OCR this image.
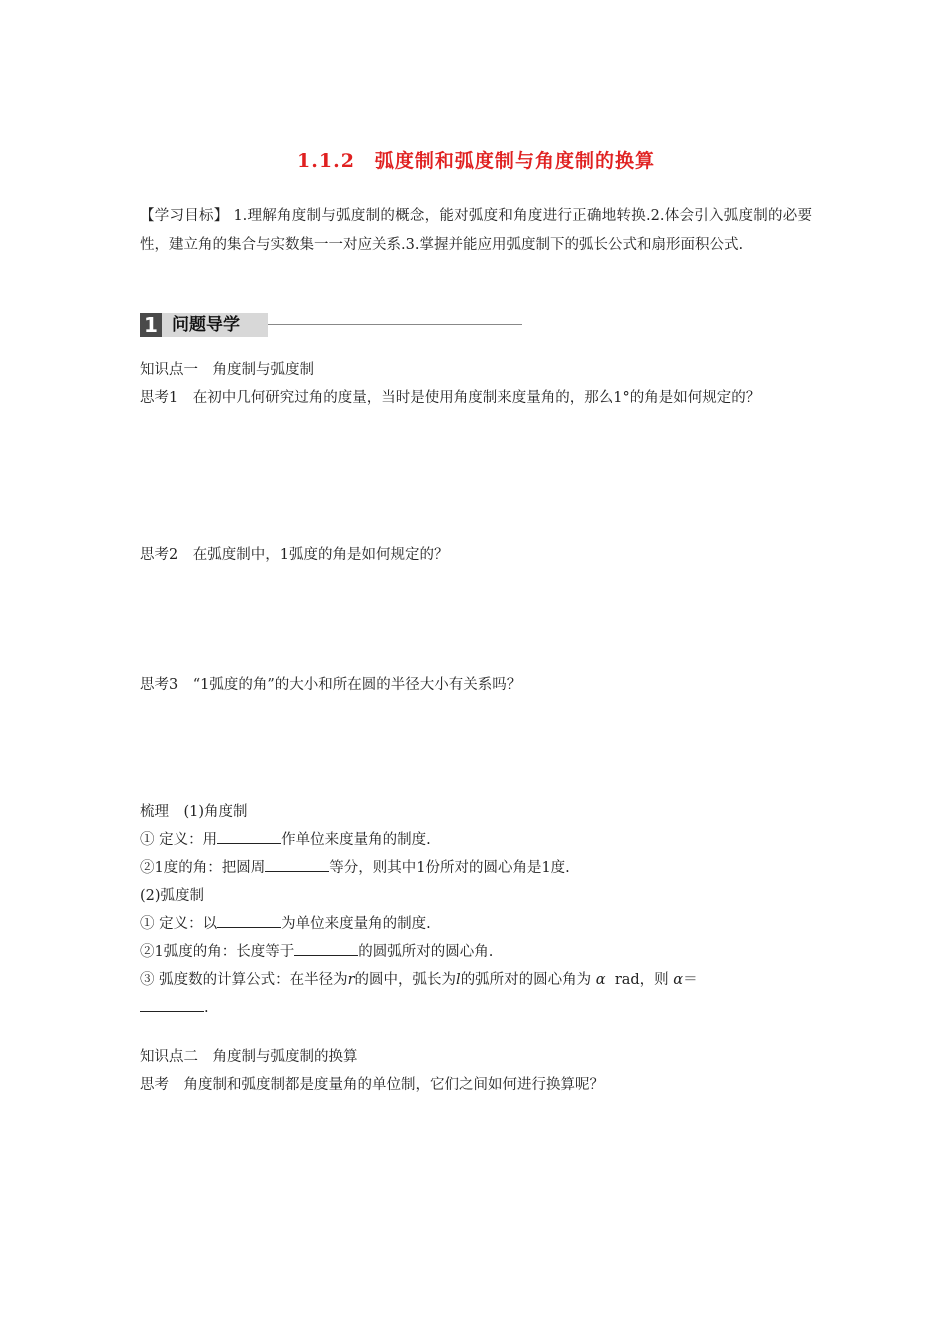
1.1.2　弧度制和弧度制与角度制的换算
【学习目标】 1.理解角度制与弧度制的概念，能对弧度和角度进行正确地转换.2.体会引入弧度制的必要性，建立角的集合与实数集一一对应关系.3.掌握并能应用弧度制下的弧长公式和扇形面积公式.
1 问题导学
知识点一　角度制与弧度制
思考1　在初中几何研究过角的度量，当时是使用角度制来度量角的，那么1°的角是如何规定的？
思考2　在弧度制中，1弧度的角是如何规定的？
思考3　“1弧度的角”的大小和所在圆的半径大小有关系吗？
梳理　(1)角度制
① 定义：用	作单位来度量角的制度.
②1度的角：把圆周	等分，则其中1份所对的圆心角是1度.
(2)弧度制
① 定义：以	为单位来度量角的制度.
②1弧度的角：长度等于	的圆弧所对的圆心角.
③ 弧度数的计算公式：在半径为r的圆中，弧长为l的弧所对的圆心角为 α rad，则 α＝
.
知识点二　角度制与弧度制的换算
思考　角度制和弧度制都是度量角的单位制，它们之间如何进行换算呢？
